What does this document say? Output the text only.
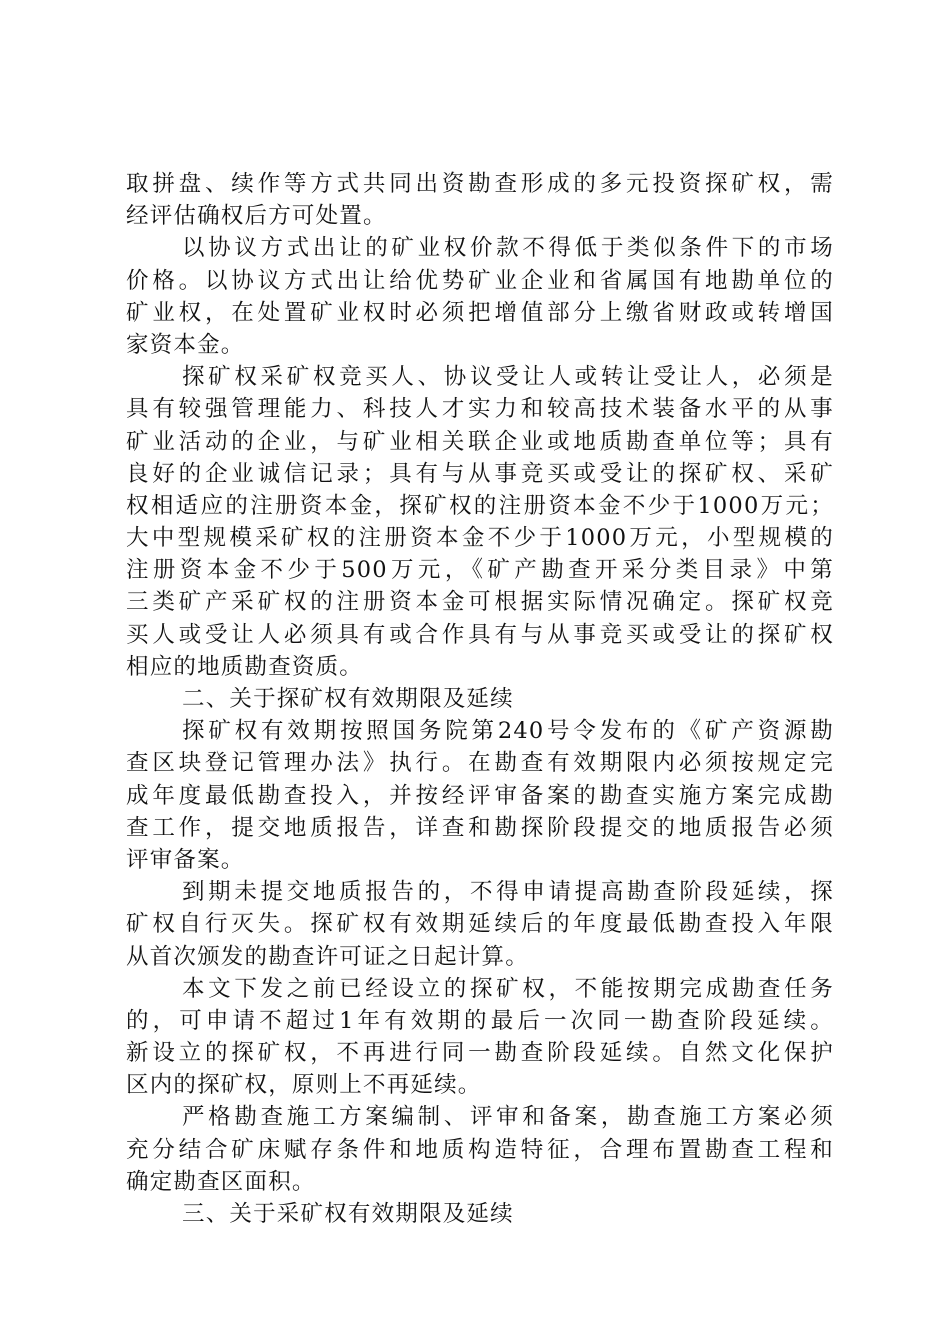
取拼盘、续作等方式共同出资勘查形成的多元投资探矿权，需
经评估确权后方可处置。
以协议方式出让的矿业权价款不得低于类似条件下的市场
价格。以协议方式出让给优势矿业企业和省属国有地勘单位的
矿业权，在处置矿业权时必须把增值部分上缴省财政或转增国
家资本金。
探矿权采矿权竞买人、协议受让人或转让受让人，必须是
具有较强管理能力、科技人才实力和较高技术装备水平的从事
矿业活动的企业，与矿业相关联企业或地质勘查单位等；具有
良好的企业诚信记录；具有与从事竞买或受让的探矿权、采矿
权相适应的注册资本金，探矿权的注册资本金不少于1000万元；
大中型规模采矿权的注册资本金不少于1000万元，小型规模的
注册资本金不少于500万元，《矿产勘查开采分类目录》中第
三类矿产采矿权的注册资本金可根据实际情况确定。探矿权竞
买人或受让人必须具有或合作具有与从事竞买或受让的探矿权
相应的地质勘查资质。
二、关于探矿权有效期限及延续
探矿权有效期按照国务院第240号令发布的《矿产资源勘
查区块登记管理办法》执行。在勘查有效期限内必须按规定完
成年度最低勘查投入，并按经评审备案的勘查实施方案完成勘
查工作，提交地质报告，详查和勘探阶段提交的地质报告必须
评审备案。
到期未提交地质报告的，不得申请提高勘查阶段延续，探
矿权自行灭失。探矿权有效期延续后的年度最低勘查投入年限
从首次颁发的勘查许可证之日起计算。
本文下发之前已经设立的探矿权，不能按期完成勘查任务
的，可申请不超过1年有效期的最后一次同一勘查阶段延续。
新设立的探矿权，不再进行同一勘查阶段延续。自然文化保护
区内的探矿权，原则上不再延续。
严格勘查施工方案编制、评审和备案，勘查施工方案必须
充分结合矿床赋存条件和地质构造特征，合理布置勘查工程和
确定勘查区面积。
三、关于采矿权有效期限及延续
